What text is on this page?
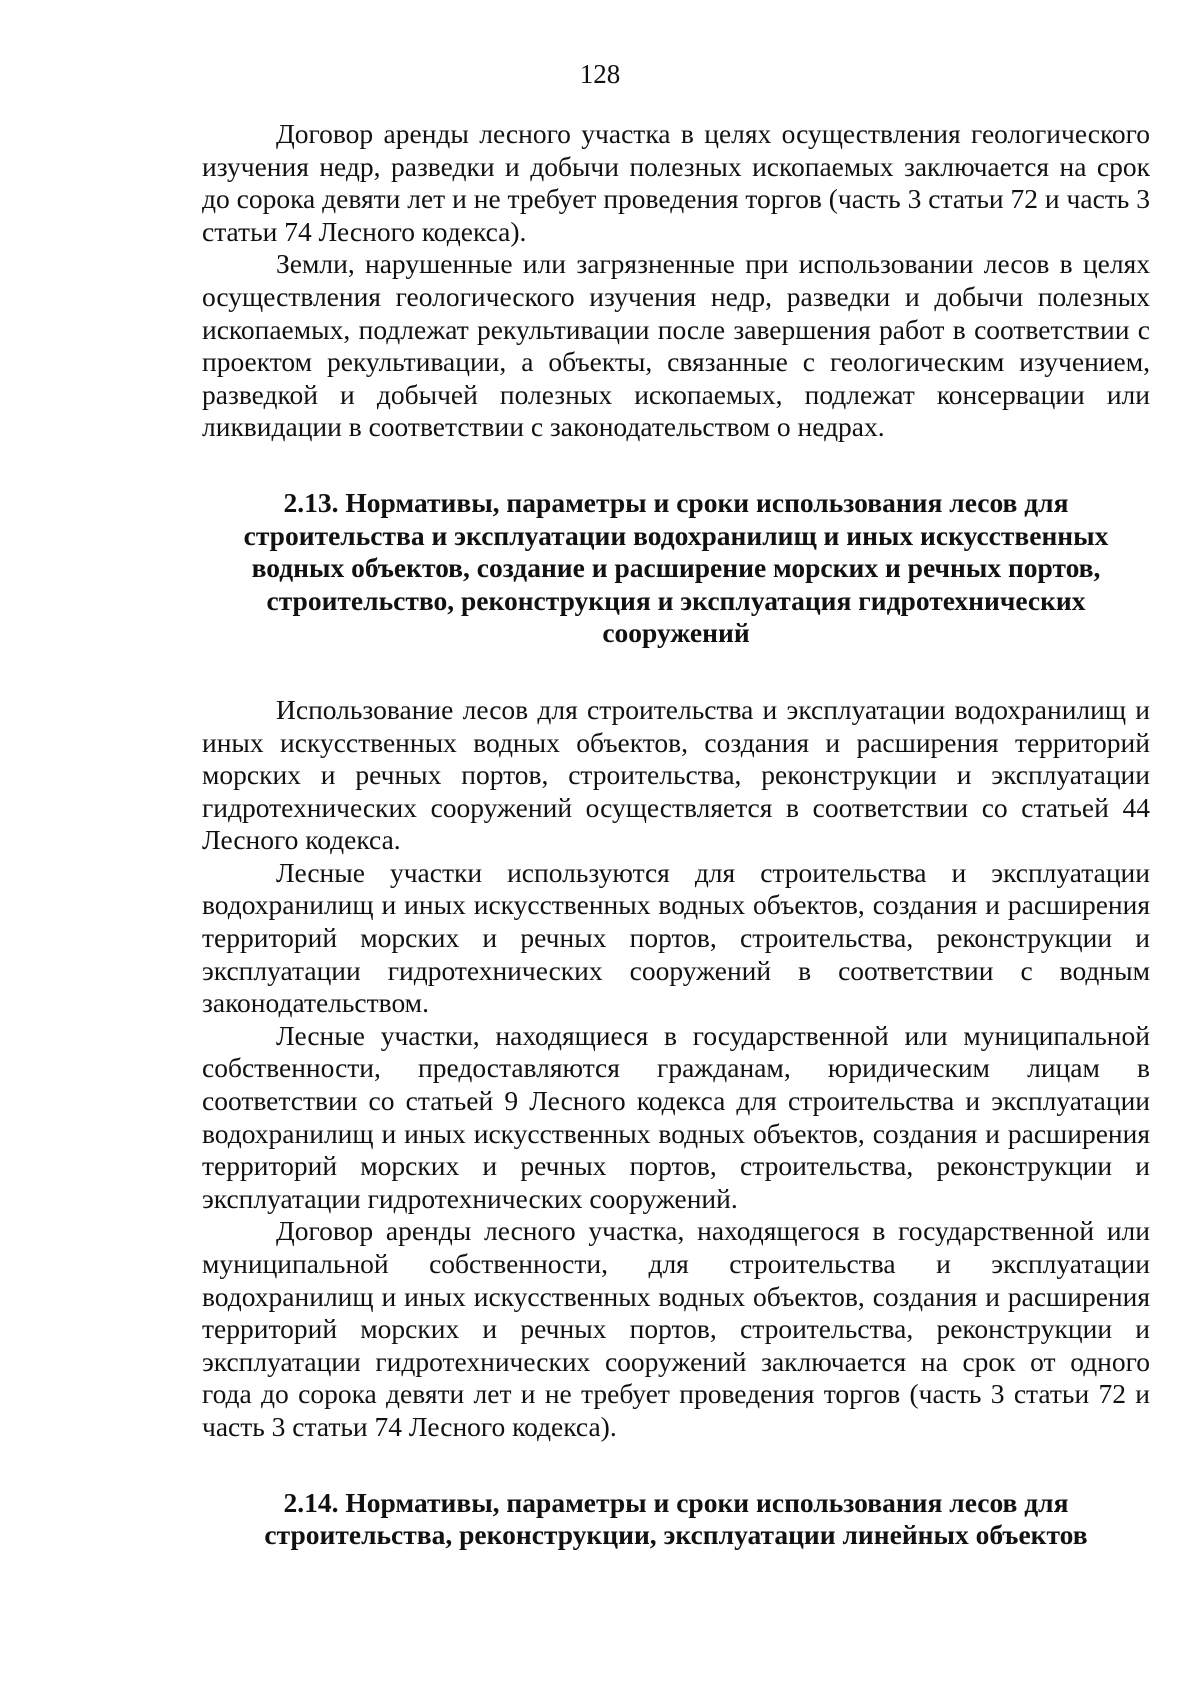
128

Договор аренды лесного участка в целях осуществления геологического изучения недр, разведки и добычи полезных ископаемых заключается на срок до сорока девяти лет и не требует проведения торгов (часть 3 статьи 72 и часть 3 статьи 74 Лесного кодекса).

Земли, нарушенные или загрязненные при использовании лесов в целях осуществления геологического изучения недр, разведки и добычи полезных ископаемых, подлежат рекультивации после завершения работ в соответствии с проектом рекультивации, а объекты, связанные с геологическим изучением, разведкой и добычей полезных ископаемых, подлежат консервации или ликвидации в соответствии с законодательством о недрах.

2.13. Нормативы, параметры и сроки использования лесов для строительства и эксплуатации водохранилищ и иных искусственных водных объектов, создание и расширение морских и речных портов, строительство, реконструкция и эксплуатация гидротехнических сооружений

Использование лесов для строительства и эксплуатации водохранилищ и иных искусственных водных объектов, создания и расширения территорий морских и речных портов, строительства, реконструкции и эксплуатации гидротехнических сооружений осуществляется в соответствии со статьей 44 Лесного кодекса.

Лесные участки используются для строительства и эксплуатации водохранилищ и иных искусственных водных объектов, создания и расширения территорий морских и речных портов, строительства, реконструкции и эксплуатации гидротехнических сооружений в соответствии с водным законодательством.

Лесные участки, находящиеся в государственной или муниципальной собственности, предоставляются гражданам, юридическим лицам в соответствии со статьей 9 Лесного кодекса для строительства и эксплуатации водохранилищ и иных искусственных водных объектов, создания и расширения территорий морских и речных портов, строительства, реконструкции и эксплуатации гидротехнических сооружений.

Договор аренды лесного участка, находящегося в государственной или муниципальной собственности, для строительства и эксплуатации водохранилищ и иных искусственных водных объектов, создания и расширения территорий морских и речных портов, строительства, реконструкции и эксплуатации гидротехнических сооружений заключается на срок от одного года до сорока девяти лет и не требует проведения торгов (часть 3 статьи 72 и часть 3 статьи 74 Лесного кодекса).

2.14. Нормативы, параметры и сроки использования лесов для строительства, реконструкции, эксплуатации линейных объектов
